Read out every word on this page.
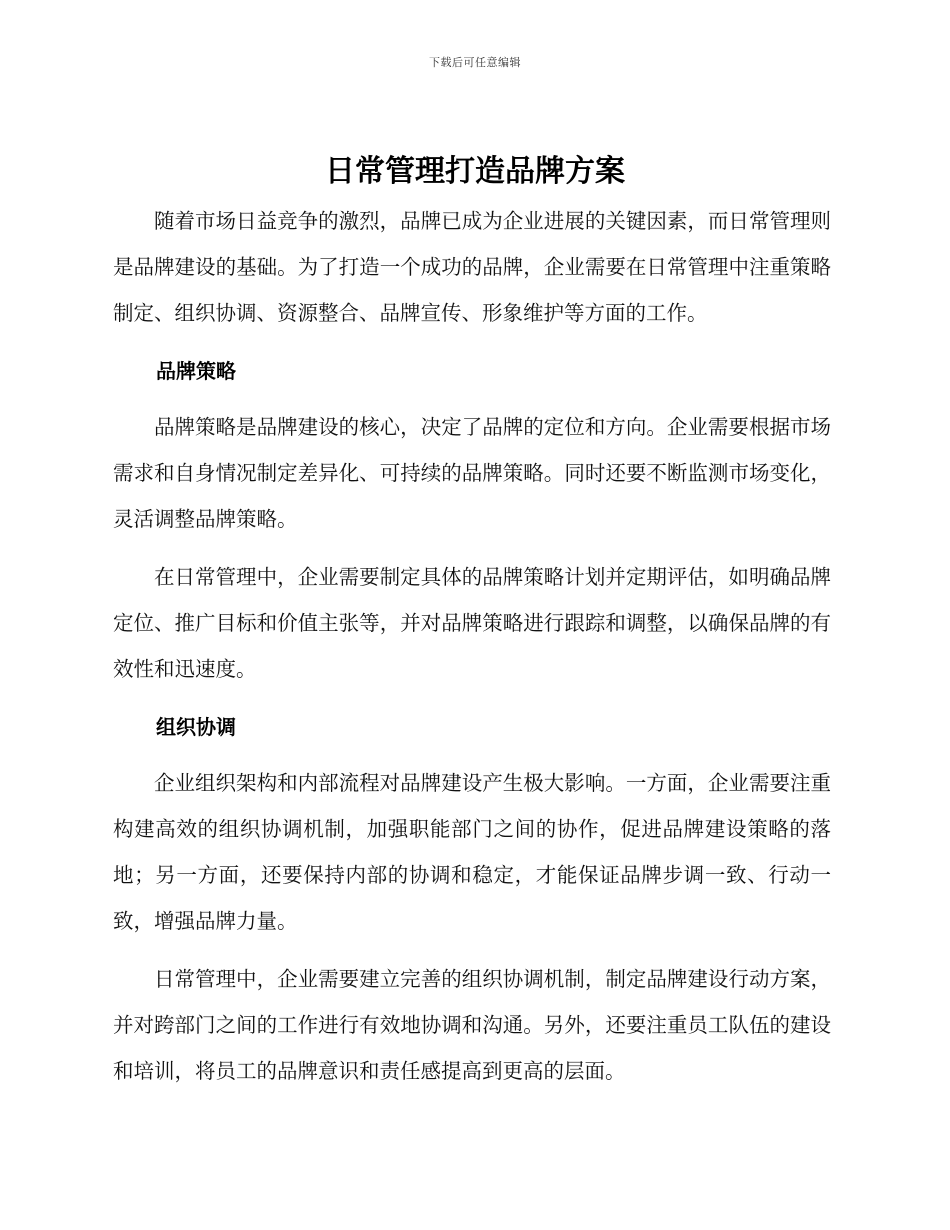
下载后可任意编辑
日常管理打造品牌方案

随着市场日益竞争的激烈，品牌已成为企业进展的关键因素，而日常管理则是品牌建设的基础。为了打造一个成功的品牌，企业需要在日常管理中注重策略制定、组织协调、资源整合、品牌宣传、形象维护等方面的工作。

品牌策略

品牌策略是品牌建设的核心，决定了品牌的定位和方向。企业需要根据市场需求和自身情况制定差异化、可持续的品牌策略。同时还要不断监测市场变化，灵活调整品牌策略。

在日常管理中，企业需要制定具体的品牌策略计划并定期评估，如明确品牌定位、推广目标和价值主张等，并对品牌策略进行跟踪和调整，以确保品牌的有效性和迅速度。

组织协调

企业组织架构和内部流程对品牌建设产生极大影响。一方面，企业需要注重构建高效的组织协调机制，加强职能部门之间的协作，促进品牌建设策略的落地；另一方面，还要保持内部的协调和稳定，才能保证品牌步调一致、行动一致，增强品牌力量。

日常管理中，企业需要建立完善的组织协调机制，制定品牌建设行动方案，并对跨部门之间的工作进行有效地协调和沟通。另外，还要注重员工队伍的建设和培训，将员工的品牌意识和责任感提高到更高的层面。
